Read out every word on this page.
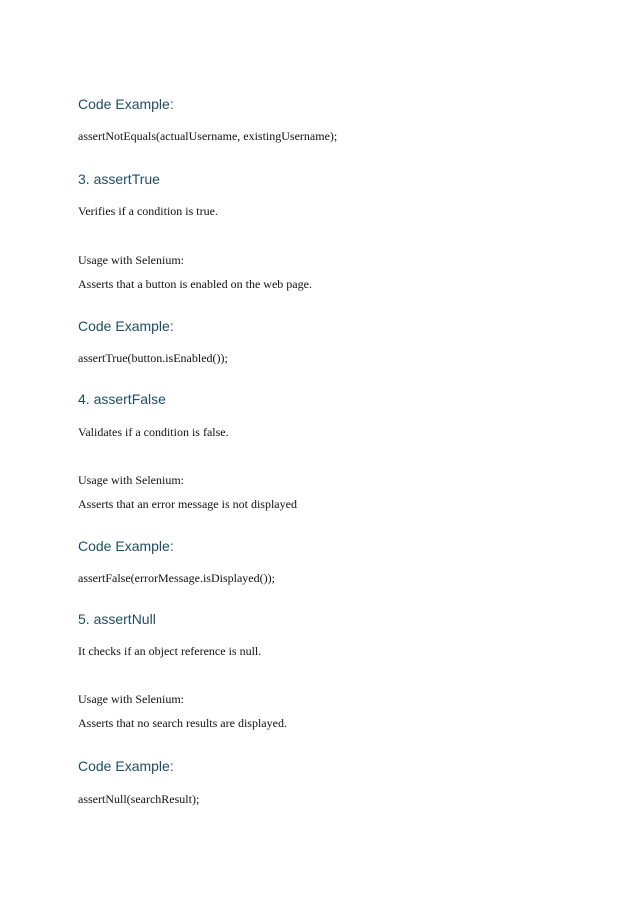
Code Example:

assertNotEquals(actualUsername, existingUsername);

3. assertTrue

Verifies if a condition is true.

Usage with Selenium:

Asserts that a button is enabled on the web page.

Code Example:

assertTrue(button.isEnabled());

4. assertFalse

Validates if a condition is false.

Usage with Selenium:

Asserts that an error message is not displayed

Code Example:

assertFalse(errorMessage.isDisplayed());

5. assertNull

It checks if an object reference is null.

Usage with Selenium:

Asserts that no search results are displayed.

Code Example:

assertNull(searchResult);
